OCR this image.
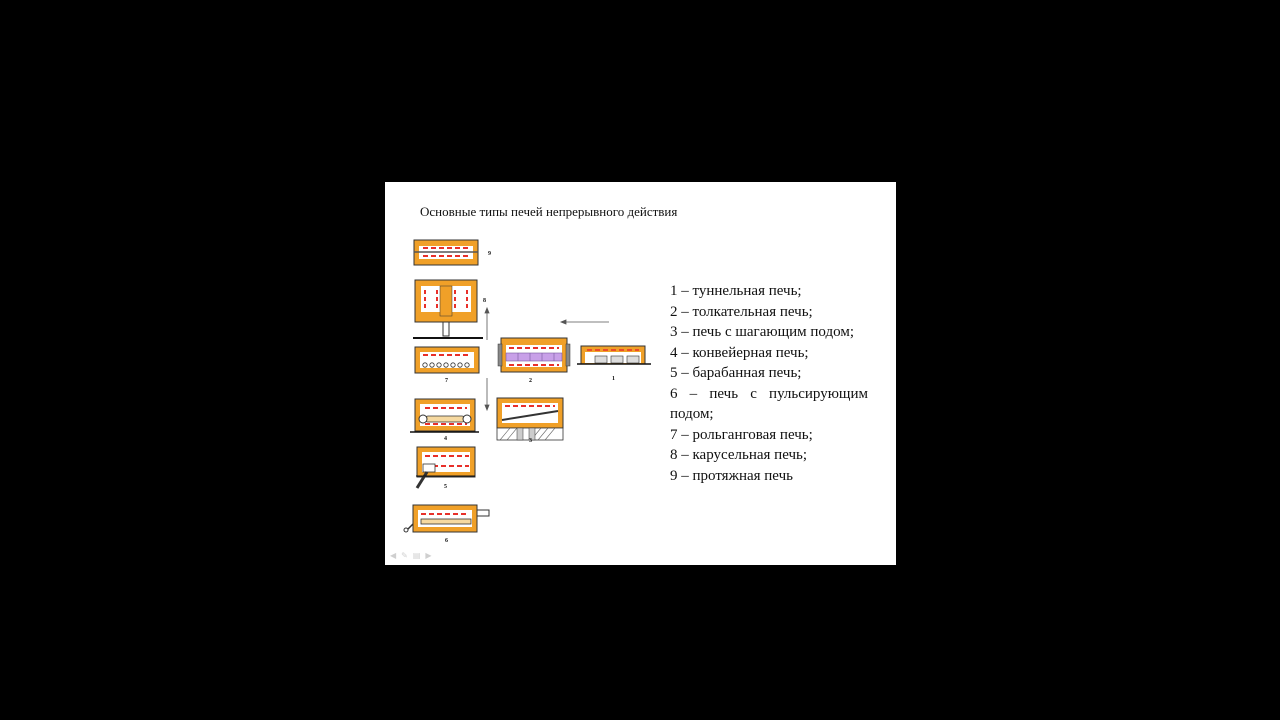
Основные типы печей непрерывного действия
9
8
7
4
5
6
2
3
1
1 – туннельная печь;
2 – толкательная печь;
3 – печь с шагающим подом;
4 – конвейерная печь;
5 – барабанная печь;
6 – печь с пульсирующим подом;
7 – рольганговая печь;
8 – карусельная печь;
9 – протяжная печь
◀ ✎ ▤ ▶
